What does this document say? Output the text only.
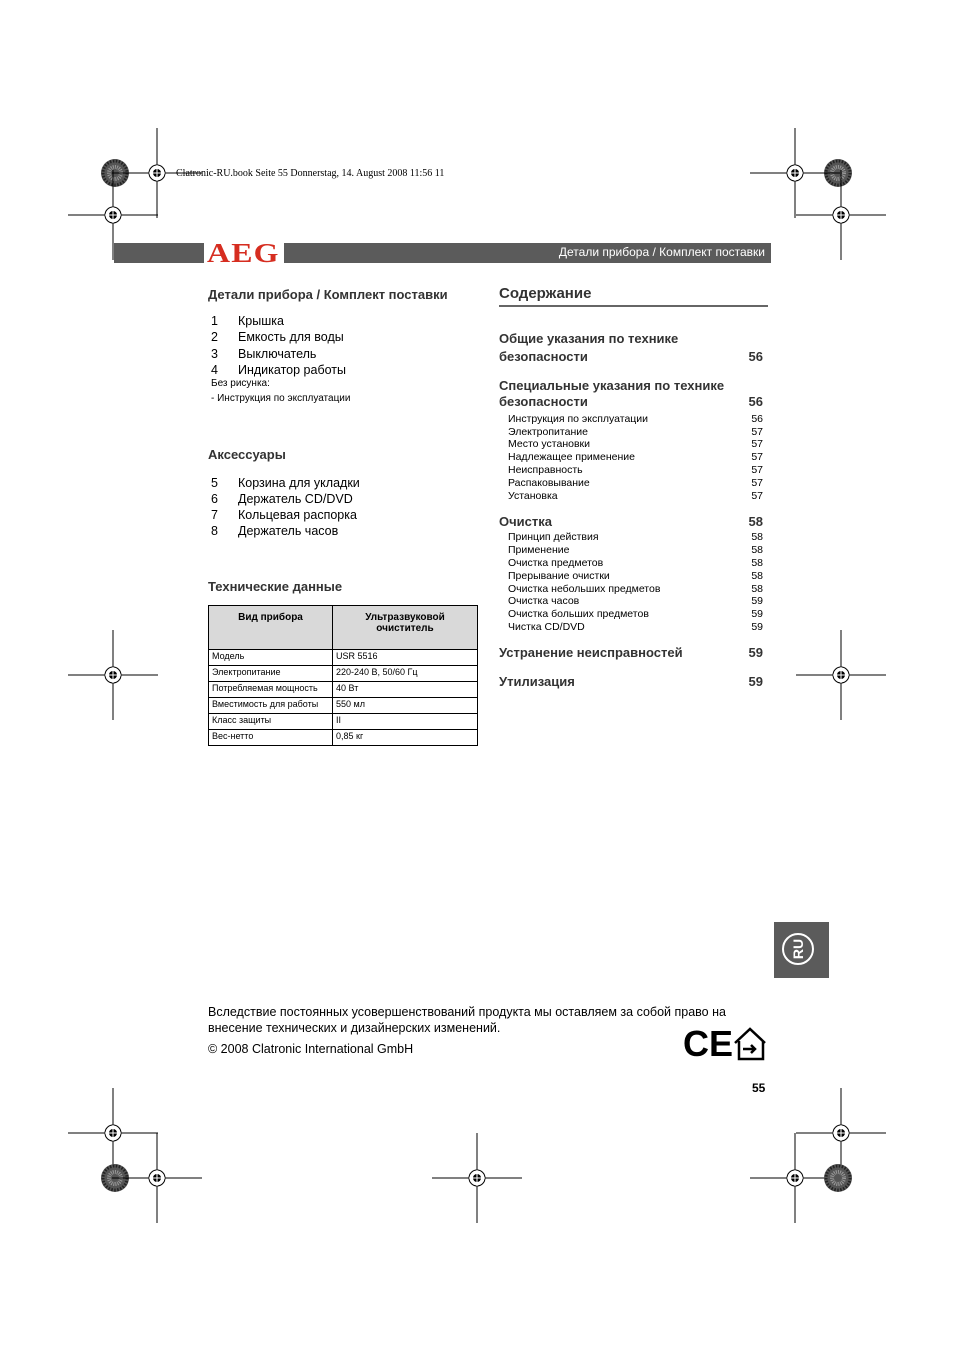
Clatronic-RU.book Seite 55 Donnerstag, 14. August 2008 11:56 11
AEG	Детали прибора / Комплект поставки
Детали прибора / Комплект поставки
1 Крышка
2 Емкость для воды
3 Выключатель
4 Индикатор работы
Без рисунка:
- Инструкция по эксплуатации
Аксессуары
5 Корзина для укладки
6 Держатель CD/DVD
7 Кольцевая распорка
8 Держатель часов
Технические данные
Вид прибора	Ультразвуковой очиститель
Модель	USR 5516
Электропитание	220-240 В, 50/60 Гц
Потребляемая мощность	40 Вт
Вместимость для работы	550 мл
Класс защиты	II
Вес-нетто	0,85 кг
Содержание
Общие указания по технике
безопасности	56
Специальные указания по технике
безопасности	56
Инструкция по эксплуатации	56
Электропитание	57
Место установки	57
Надлежащее применение	57
Неисправность	57
Распаковывание	57
Установка	57
Очистка	58
Принцип действия	58
Применение	58
Очистка предметов	58
Прерывание очистки	58
Очистка небольших предметов	58
Очистка часов	59
Очистка больших предметов	59
Чистка CD/DVD	59
Устранение неисправностей	59
Утилизация	59
RU
Вследствие постоянных усовершенствований продукта мы оставляем за собой право на
внесение технических и дизайнерских изменений.
© 2008 Clatronic International GmbH	CE
55
